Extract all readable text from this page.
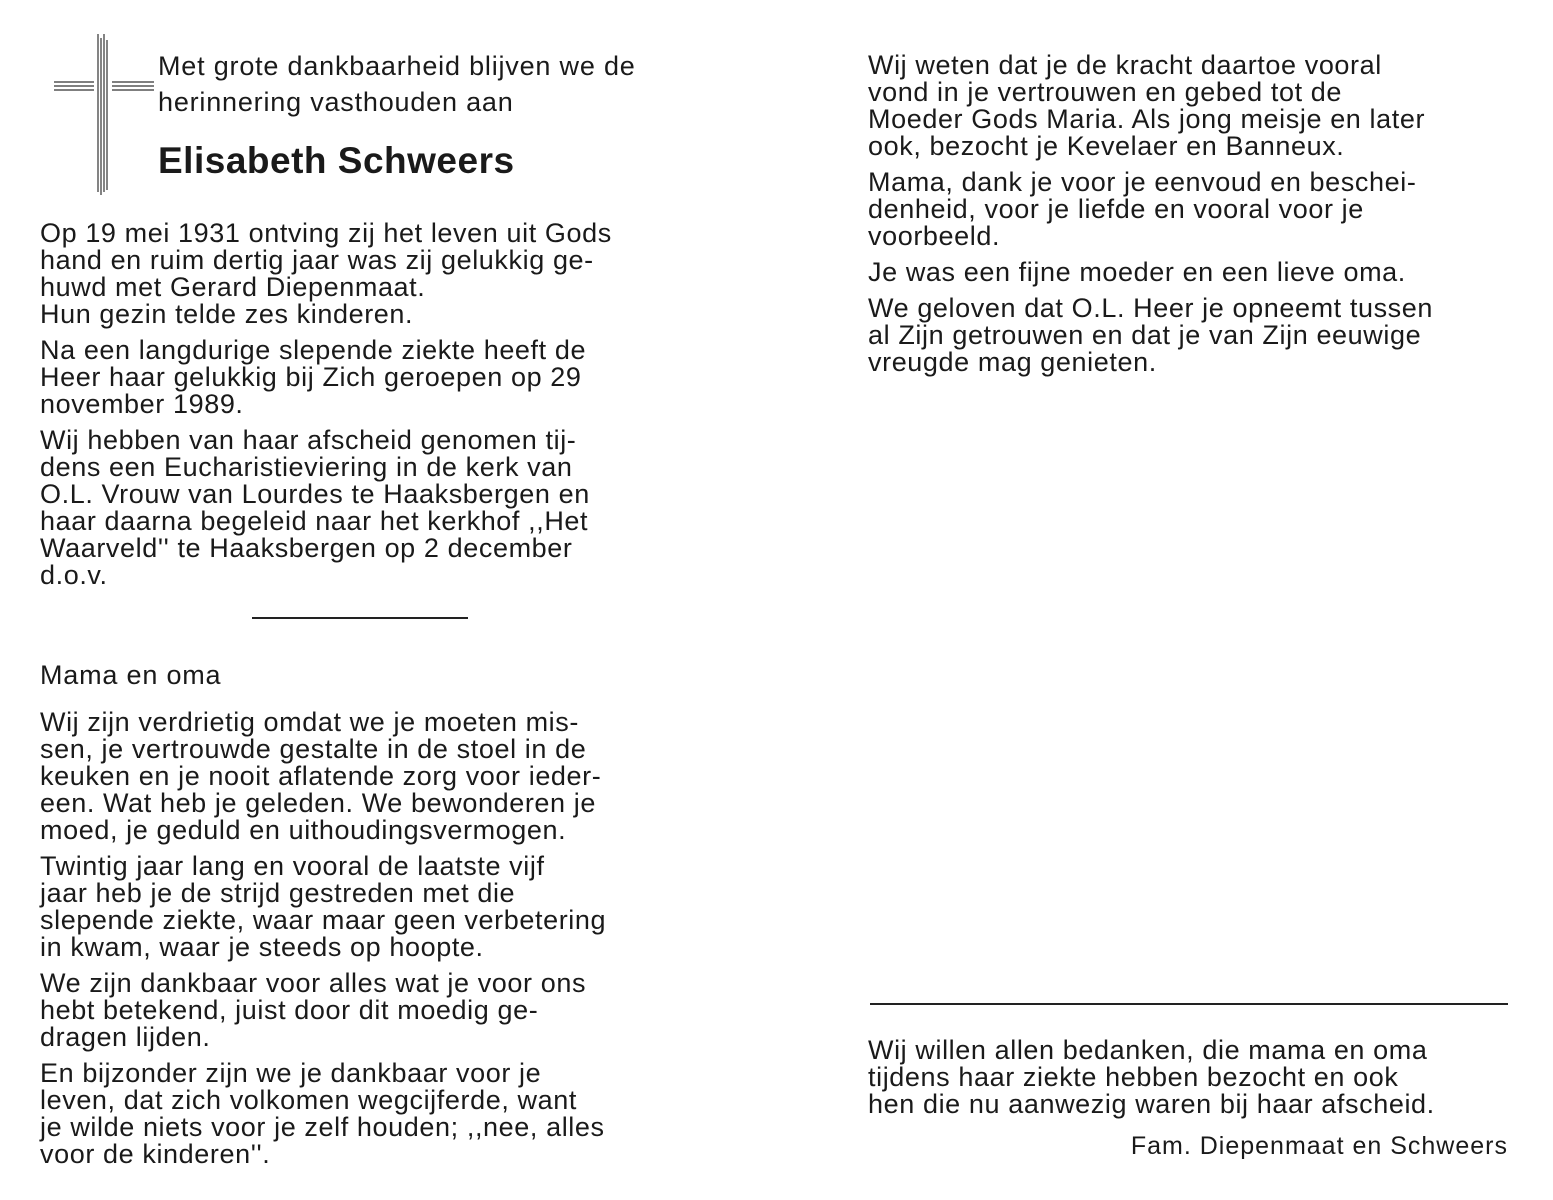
Met grote dankbaarheid blijven we de
herinnering vasthouden aan
Elisabeth Schweers

Op 19 mei 1931 ontving zij het leven uit Gods
hand en ruim dertig jaar was zij gelukkig ge-
huwd met Gerard Diepenmaat.
Hun gezin telde zes kinderen.

Na een langdurige slepende ziekte heeft de
Heer haar gelukkig bij Zich geroepen op 29
november 1989.

Wij hebben van haar afscheid genomen tij-
dens een Eucharistieviering in de kerk van
O.L. Vrouw van Lourdes te Haaksbergen en
haar daarna begeleid naar het kerkhof ,,Het
Waarveld'' te Haaksbergen op 2 december
d.o.v.

Mama en oma

Wij zijn verdrietig omdat we je moeten mis-
sen, je vertrouwde gestalte in de stoel in de
keuken en je nooit aflatende zorg voor ieder-
een. Wat heb je geleden. We bewonderen je
moed, je geduld en uithoudingsvermogen.

Twintig jaar lang en vooral de laatste vijf
jaar heb je de strijd gestreden met die
slepende ziekte, waar maar geen verbetering
in kwam, waar je steeds op hoopte.

We zijn dankbaar voor alles wat je voor ons
hebt betekend, juist door dit moedig ge-
dragen lijden.

En bijzonder zijn we je dankbaar voor je
leven, dat zich volkomen wegcijferde, want
je wilde niets voor je zelf houden; ,,nee, alles
voor de kinderen''.

Wij weten dat je de kracht daartoe vooral
vond in je vertrouwen en gebed tot de
Moeder Gods Maria. Als jong meisje en later
ook, bezocht je Kevelaer en Banneux.

Mama, dank je voor je eenvoud en beschei-
denheid, voor je liefde en vooral voor je
voorbeeld.

Je was een fijne moeder en een lieve oma.

We geloven dat O.L. Heer je opneemt tussen
al Zijn getrouwen en dat je van Zijn eeuwige
vreugde mag genieten.

Wij willen allen bedanken, die mama en oma
tijdens haar ziekte hebben bezocht en ook
hen die nu aanwezig waren bij haar afscheid.

Fam. Diepenmaat en Schweers
